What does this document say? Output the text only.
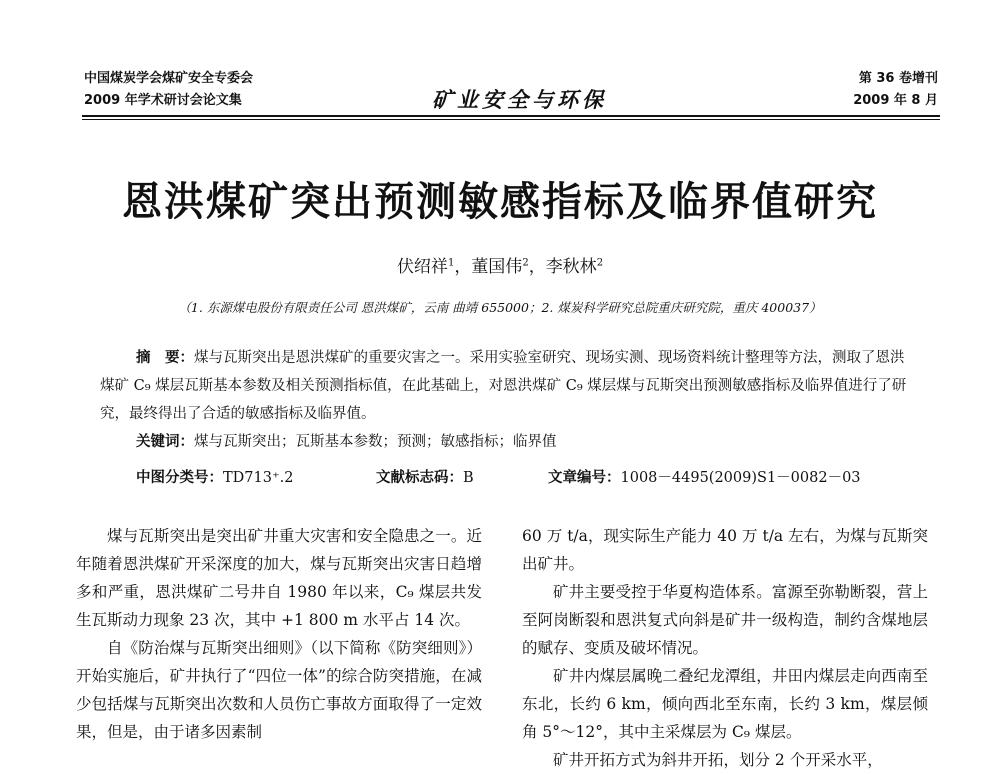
中国煤炭学会煤矿安全专委会
2009 年学术研讨会论文集	矿业安全与环保
第 36 卷增刊
2009 年 8 月
恩洪煤矿突出预测敏感指标及临界值研究
伏绍祥$^1$，董国伟$^2$，李秋林$^2$
（1. 东源煤电股份有限责任公司 恩洪煤矿，云南 曲靖 655000；2. 煤炭科学研究总院重庆研究院，重庆 400037）

摘　要：煤与瓦斯突出是恩洪煤矿的重要灾害之一。采用实验室研究、现场实测、现场资料统计整理等方法，测取了恩洪煤矿 C₉ 煤层瓦斯基本参数及相关预测指标值，在此基础上，对恩洪煤矿 C₉ 煤层煤与瓦斯突出预测敏感指标及临界值进行了研究，最终得出了合适的敏感指标及临界值。

关键词：煤与瓦斯突出；瓦斯基本参数；预测；敏感指标；临界值

中图分类号：TD713⁺.2	文献标志码：B	文章编号：1008－4495(2009)S1－0082－03

煤与瓦斯突出是突出矿井重大灾害和安全隐患之一。近年随着恩洪煤矿开采深度的加大，煤与瓦斯突出灾害日趋增多和严重，恩洪煤矿二号井自 1980 年以来，C₉ 煤层共发生瓦斯动力现象 23 次，其中 +1 800 m 水平占 14 次。

自《防治煤与瓦斯突出细则》（以下简称《防突细则》）开始实施后，矿井执行了“四位一体”的综合防突措施，在减少包括煤与瓦斯突出次数和人员伤亡事故方面取得了一定效果，但是，由于诸多因素制

60 万 t/a，现实际生产能力 40 万 t/a 左右，为煤与瓦斯突出矿井。

矿井主要受控于华夏构造体系。富源至弥勒断裂，营上至阿岗断裂和恩洪复式向斜是矿井一级构造，制约含煤地层的赋存、变质及破坏情况。

矿井内煤层属晚二叠纪龙潭组，井田内煤层走向西南至东北，长约 6 km，倾向西北至东南，长约 3 km，煤层倾角 5°～12°，其中主采煤层为 C₉ 煤层。

矿井开拓方式为斜井开拓，划分 2 个开采水平，
